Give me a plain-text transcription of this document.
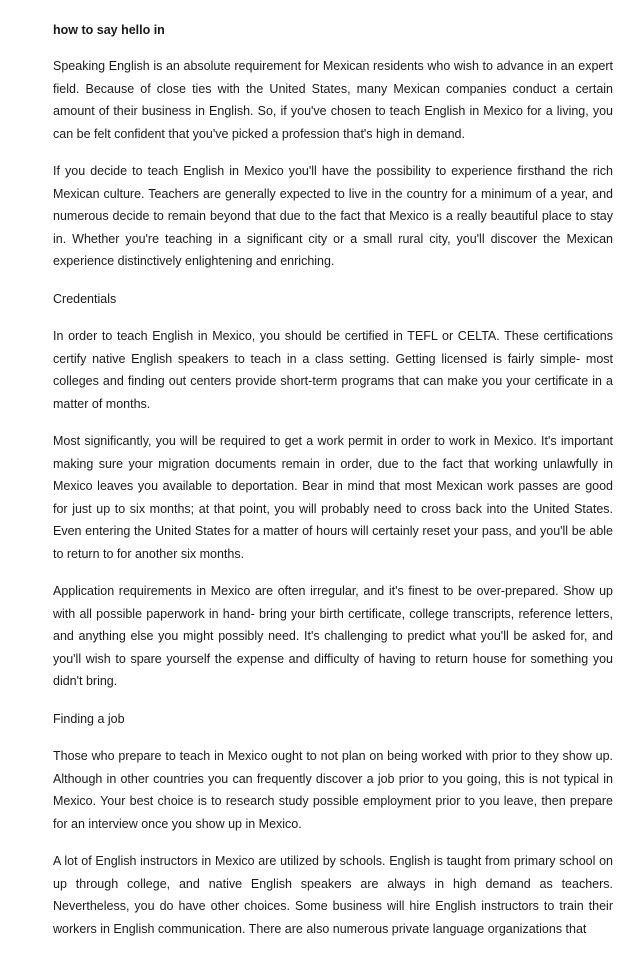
how to say hello in

Speaking English is an absolute requirement for Mexican residents who wish to advance in an expert field. Because of close ties with the United States, many Mexican companies conduct a certain amount of their business in English. So, if you've chosen to teach English in Mexico for a living, you can be felt confident that you've picked a profession that's high in demand.

If you decide to teach English in Mexico you'll have the possibility to experience firsthand the rich Mexican culture. Teachers are generally expected to live in the country for a minimum of a year, and numerous decide to remain beyond that due to the fact that Mexico is a really beautiful place to stay in. Whether you're teaching in a significant city or a small rural city, you'll discover the Mexican experience distinctively enlightening and enriching.

Credentials

In order to teach English in Mexico, you should be certified in TEFL or CELTA. These certifications certify native English speakers to teach in a class setting. Getting licensed is fairly simple- most colleges and finding out centers provide short-term programs that can make you your certificate in a matter of months.

Most significantly, you will be required to get a work permit in order to work in Mexico. It's important making sure your migration documents remain in order, due to the fact that working unlawfully in Mexico leaves you available to deportation. Bear in mind that most Mexican work passes are good for just up to six months; at that point, you will probably need to cross back into the United States. Even entering the United States for a matter of hours will certainly reset your pass, and you'll be able to return to for another six months.

Application requirements in Mexico are often irregular, and it's finest to be over-prepared. Show up with all possible paperwork in hand- bring your birth certificate, college transcripts, reference letters, and anything else you might possibly need. It's challenging to predict what you'll be asked for, and you'll wish to spare yourself the expense and difficulty of having to return house for something you didn't bring.

Finding a job

Those who prepare to teach in Mexico ought to not plan on being worked with prior to they show up. Although in other countries you can frequently discover a job prior to you going, this is not typical in Mexico. Your best choice is to research study possible employment prior to you leave, then prepare for an interview once you show up in Mexico.

A lot of English instructors in Mexico are utilized by schools. English is taught from primary school on up through college, and native English speakers are always in high demand as teachers. Nevertheless, you do have other choices. Some business will hire English instructors to train their workers in English communication. There are also numerous private language organizations that
